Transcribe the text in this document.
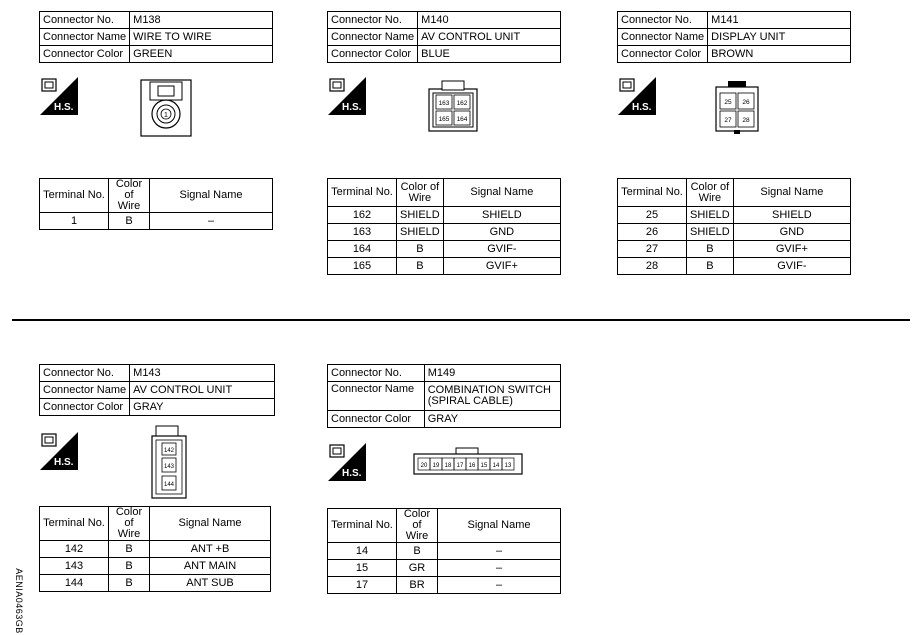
Connector No.	M138
Connector Name	WIRE TO WIRE
Connector Color	GREEN
H.S.
1
Terminal No.	Color of Wire	Signal Name
1	B	–
Connector No.	M140
Connector Name	AV CONTROL UNIT
Connector Color	BLUE
H.S.	163 162
165 164
Terminal No.	Color of Wire	Signal Name
162	SHIELD	SHIELD
163	SHIELD	GND
164	B	GVIF-
165	B	GVIF+
Connector No.	M141
Connector Name	DISPLAY UNIT
Connector Color	BROWN
H.S.	25 26
27 28
Terminal No.	Color of Wire	Signal Name
25	SHIELD	SHIELD
26	SHIELD	GND
27	B	GVIF+
28	B	GVIF-
Connector No.	M143
Connector Name	AV CONTROL UNIT
Connector Color	GRAY
H.S.
142
143
144
Terminal No.	Color of Wire	Signal Name
142	B	ANT +B
143	B	ANT MAIN
144	B	ANT SUB
Connector No.	M149
Connector Name	COMBINATION SWITCH (SPIRAL CABLE)
Connector Color	GRAY
H.S.
20 19 18 17 16 15 14 13
Terminal No.	Color of Wire	Signal Name
14	B	–
15	GR	–
17	BR	–
AENIA0463GB
